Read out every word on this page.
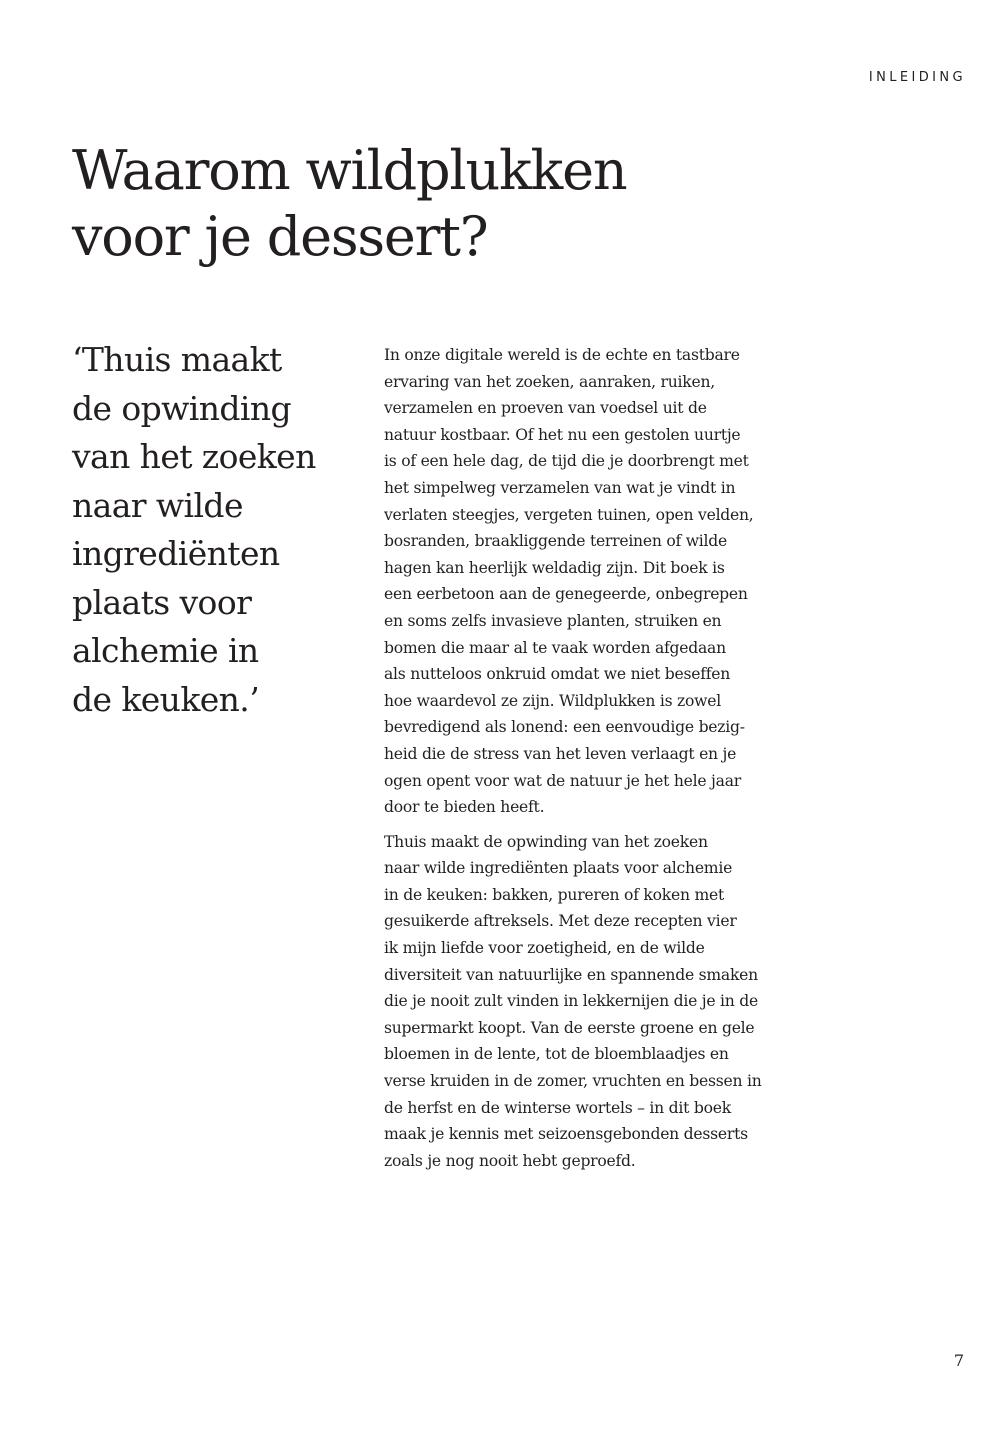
INLEIDING
Waarom wildplukken
voor je dessert?
‘Thuis maakt
de opwinding
van het zoeken
naar wilde
ingrediënten
plaats voor
alchemie in
de keuken.’

In onze digitale wereld is de echte en tastbare
ervaring van het zoeken, aanraken, ruiken,
verzamelen en proeven van voedsel uit de
natuur kostbaar. Of het nu een gestolen uurtje
is of een hele dag, de tijd die je doorbrengt met
het simpelweg verzamelen van wat je vindt in
verlaten steegjes, vergeten tuinen, open velden,
bosranden, braakliggende terreinen of wilde
hagen kan heerlijk weldadig zijn. Dit boek is
een eerbetoon aan de genegeerde, onbegrepen
en soms zelfs invasieve planten, struiken en
bomen die maar al te vaak worden afgedaan
als nutteloos onkruid omdat we niet beseffen
hoe waardevol ze zijn. Wildplukken is zowel
bevredigend als lonend: een eenvoudige bezig-
heid die de stress van het leven verlaagt en je
ogen opent voor wat de natuur je het hele jaar
door te bieden heeft.

Thuis maakt de opwinding van het zoeken
naar wilde ingrediënten plaats voor alchemie
in de keuken: bakken, pureren of koken met
gesuikerde aftreksels. Met deze recepten vier
ik mijn liefde voor zoetigheid, en de wilde
diversiteit van natuurlijke en spannende smaken
die je nooit zult vinden in lekkernijen die je in de
supermarkt koopt. Van de eerste groene en gele
bloemen in de lente, tot de bloemblaadjes en
verse kruiden in de zomer, vruchten en bessen in
de herfst en de winterse wortels – in dit boek
maak je kennis met seizoensgebonden desserts
zoals je nog nooit hebt geproefd.

7
